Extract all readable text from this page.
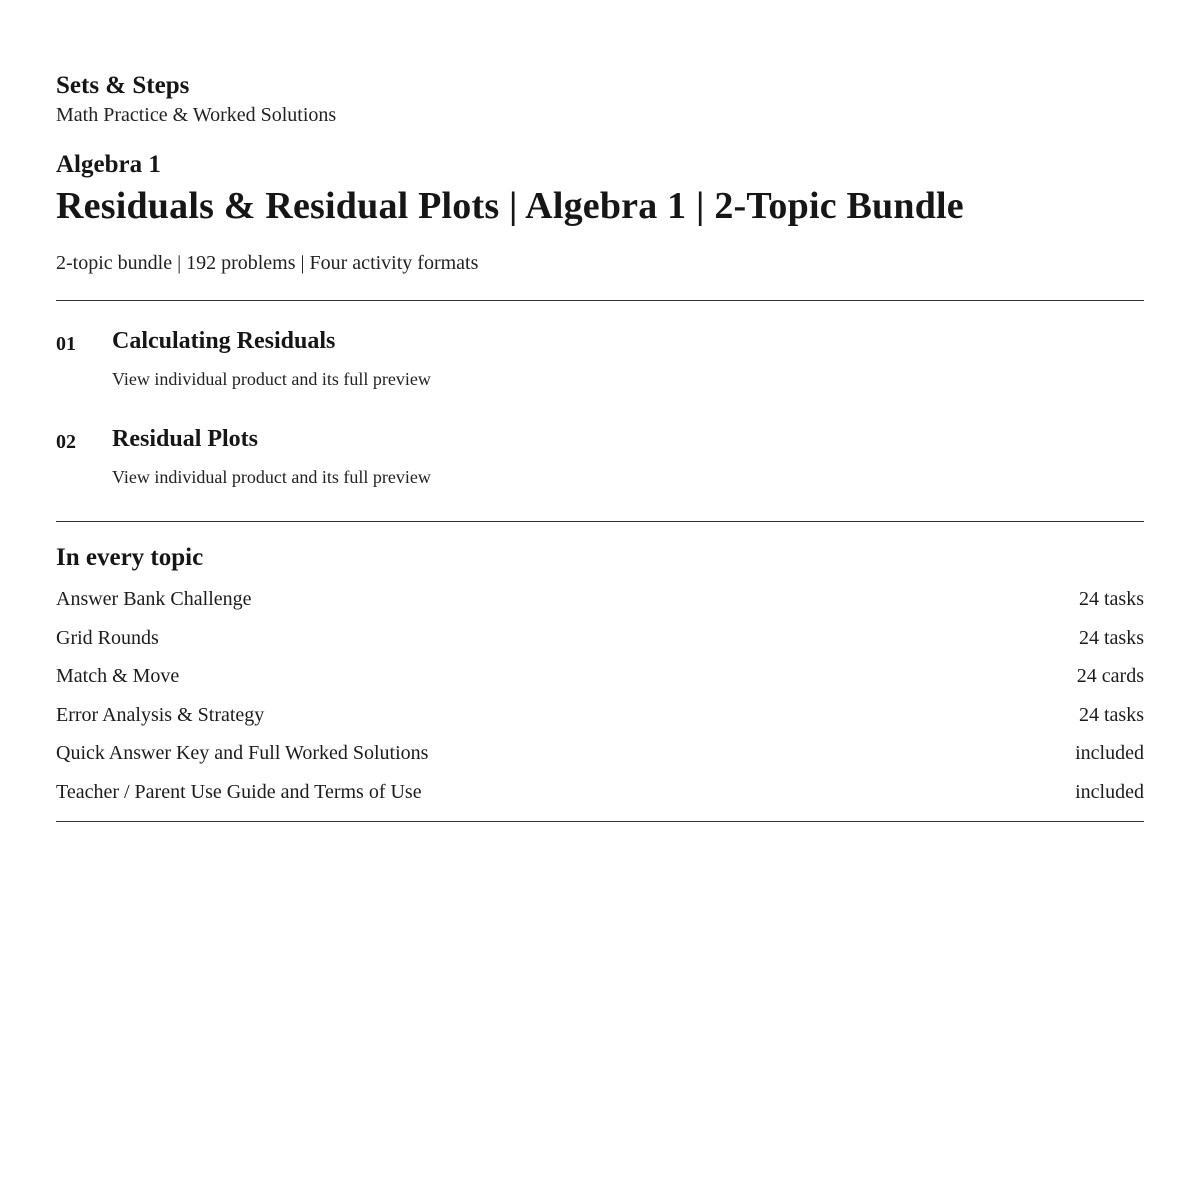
Sets & Steps
Math Practice & Worked Solutions
Algebra 1
Residuals & Residual Plots | Algebra 1 | 2-Topic Bundle
2-topic bundle | 192 problems | Four activity formats
01 Calculating Residuals
View individual product and its full preview
02 Residual Plots
View individual product and its full preview
In every topic
Answer Bank Challenge	24 tasks
Grid Rounds	24 tasks
Match & Move	24 cards
Error Analysis & Strategy	24 tasks
Quick Answer Key and Full Worked Solutions	included
Teacher / Parent Use Guide and Terms of Use	included
